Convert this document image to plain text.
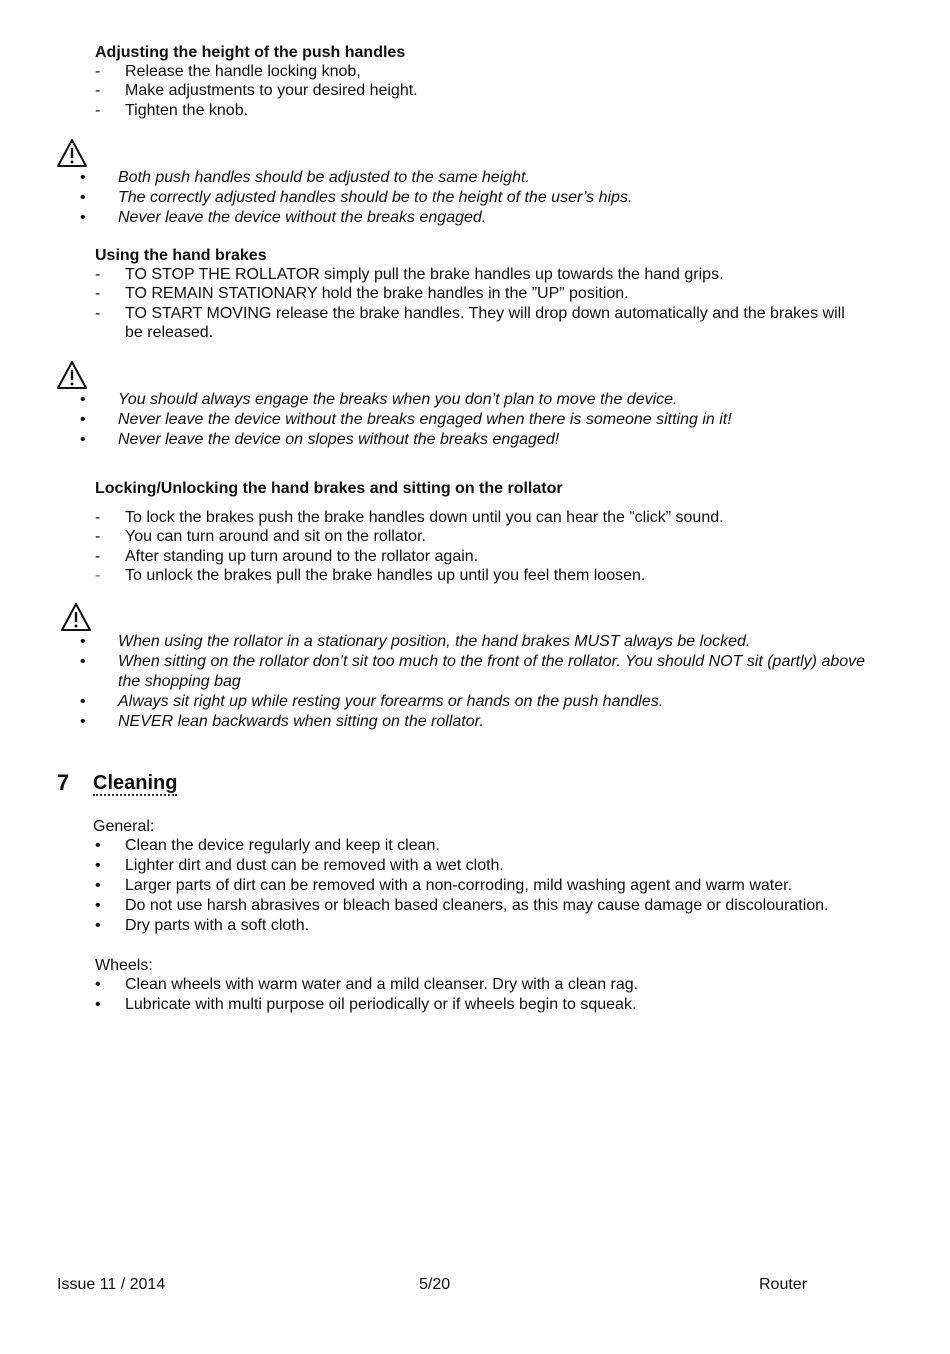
Adjusting the height of the push handles
- Release the handle locking knob,
- Make adjustments to your desired height.
- Tighten the knob.
• Both push handles should be adjusted to the same height.
• The correctly adjusted handles should be to the height of the user’s hips.
• Never leave the device without the breaks engaged.
Using the hand brakes
- TO STOP THE ROLLATOR simply pull the brake handles up towards the hand grips.
- TO REMAIN STATIONARY hold the brake handles in the ”UP” position.
- TO START MOVING release the brake handles. They will drop down automatically and the brakes will be released.
• You should always engage the breaks when you don’t plan to move the device.
• Never leave the device without the breaks engaged when there is someone sitting in it!
• Never leave the device on slopes without the breaks engaged!
Locking/Unlocking the hand brakes and sitting on the rollator
- To lock the brakes push the brake handles down until you can hear the ”click” sound.
- You can turn around and sit on the rollator.
- After standing up turn around to the rollator again.
- To unlock the brakes pull the brake handles up until you feel them loosen.
• When using the rollator in a stationary position, the hand brakes MUST always be locked.
• When sitting on the rollator don’t sit too much to the front of the rollator. You should NOT sit (partly) above the shopping bag
• Always sit right up while resting your forearms or hands on the push handles.
• NEVER lean backwards when sitting on the rollator.
7 Cleaning
General:
• Clean the device regularly and keep it clean.
• Lighter dirt and dust can be removed with a wet cloth.
• Larger parts of dirt can be removed with a non-corroding, mild washing agent and warm water.
• Do not use harsh abrasives or bleach based cleaners, as this may cause damage or discolouration.
• Dry parts with a soft cloth.
Wheels:
• Clean wheels with warm water and a mild cleanser. Dry with a clean rag.
• Lubricate with multi purpose oil periodically or if wheels begin to squeak.
Issue 11 / 2014	5/20	Router
